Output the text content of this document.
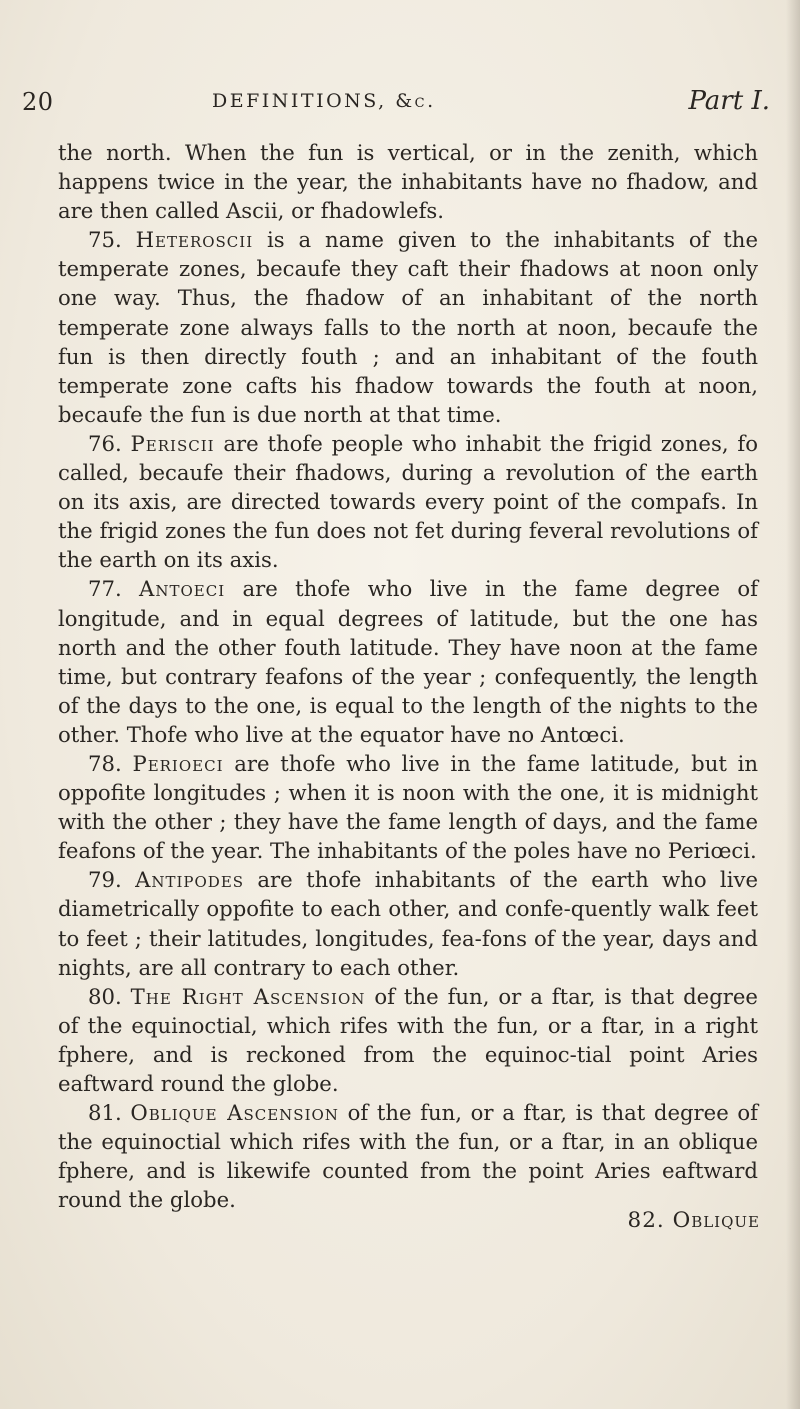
20	DEFINITIONS, &c.	Part I.

the north. When the fun is vertical, or in the zenith, which happens twice in the year, the inhabitants have no fhadow, and are then called Ascii, or fhadowlefs.

75. Heteroscii is a name given to the inhabitants of the temperate zones, becaufe they caft their fhadows at noon only one way. Thus, the fhadow of an inhabitant of the north temperate zone always falls to the north at noon, becaufe the fun is then directly fouth ; and an inhabitant of the fouth temperate zone cafts his fhadow towards the fouth at noon, becaufe the fun is due north at that time.

76. Periscii are thofe people who inhabit the frigid zones, fo called, becaufe their fhadows, during a revolution of the earth on its axis, are directed towards every point of the compafs. In the frigid zones the fun does not fet during feveral revolutions of the earth on its axis.

77. Antoeci are thofe who live in the fame degree of longitude, and in equal degrees of latitude, but the one has north and the other fouth latitude. They have noon at the fame time, but contrary feafons of the year ; confequently, the length of the days to the one, is equal to the length of the nights to the other. Thofe who live at the equator have no Antœci.

78. Perioeci are thofe who live in the fame latitude, but in oppofite longitudes ; when it is noon with the one, it is midnight with the other ; they have the fame length of days, and the fame feafons of the year. The inhabitants of the poles have no Periœci.

79. Antipodes are thofe inhabitants of the earth who live diametrically oppofite to each other, and confe-quently walk feet to feet ; their latitudes, longitudes, fea-fons of the year, days and nights, are all contrary to each other.

80. The Right Ascension of the fun, or a ftar, is that degree of the equinoctial, which rifes with the fun, or a ftar, in a right fphere, and is reckoned from the equinoc-tial point Aries eaftward round the globe.

81. Oblique Ascension of the fun, or a ftar, is that degree of the equinoctial which rifes with the fun, or a ftar, in an oblique fphere, and is likewife counted from the point Aries eaftward round the globe.

82. Oblique
